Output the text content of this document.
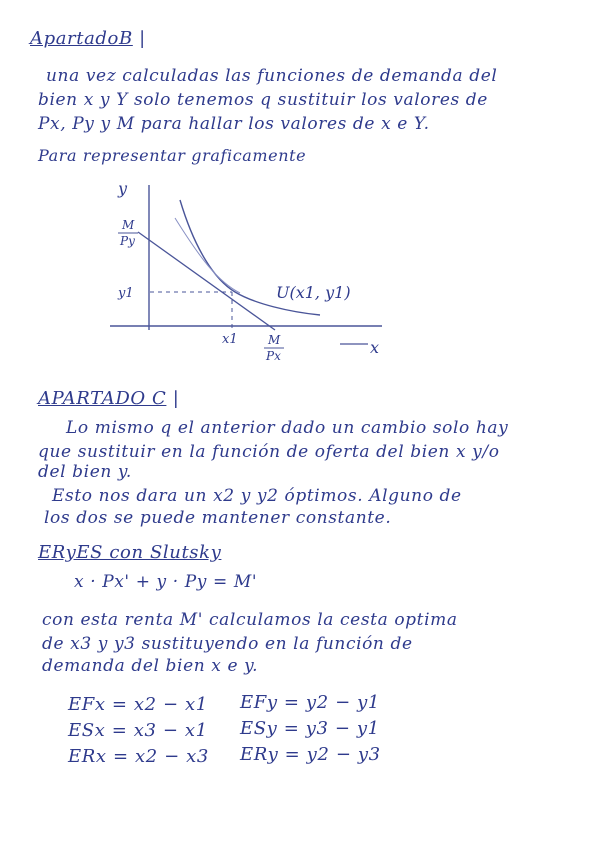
ApartadoB |
una vez calculadas las funciones de demanda del
bien x y Y solo tenemos q sustituir los valores de
Px, Py y M para hallar los valores de x e Y.
Para representar graficamente
x
y
M
Py
y1
x1	M
Px
U(x1, y1)
APARTADO C |
Lo mismo q el anterior dado un cambio solo hay
que sustituir en la función de oferta del bien x y/o
del bien y.
Esto nos dara un x2 y y2 óptimos. Alguno de
los dos se puede mantener constante.
ERyES con Slutsky
x · Px' + y · Py = M'
con esta renta M' calculamos la cesta optima
de x3 y y3 sustituyendo en la función de
demanda del bien x e y.
EFx = x2 − x1
ESx = x3 − x1
ERx = x2 − x3
EFy = y2 − y1
ESy = y3 − y1
ERy = y2 − y3
